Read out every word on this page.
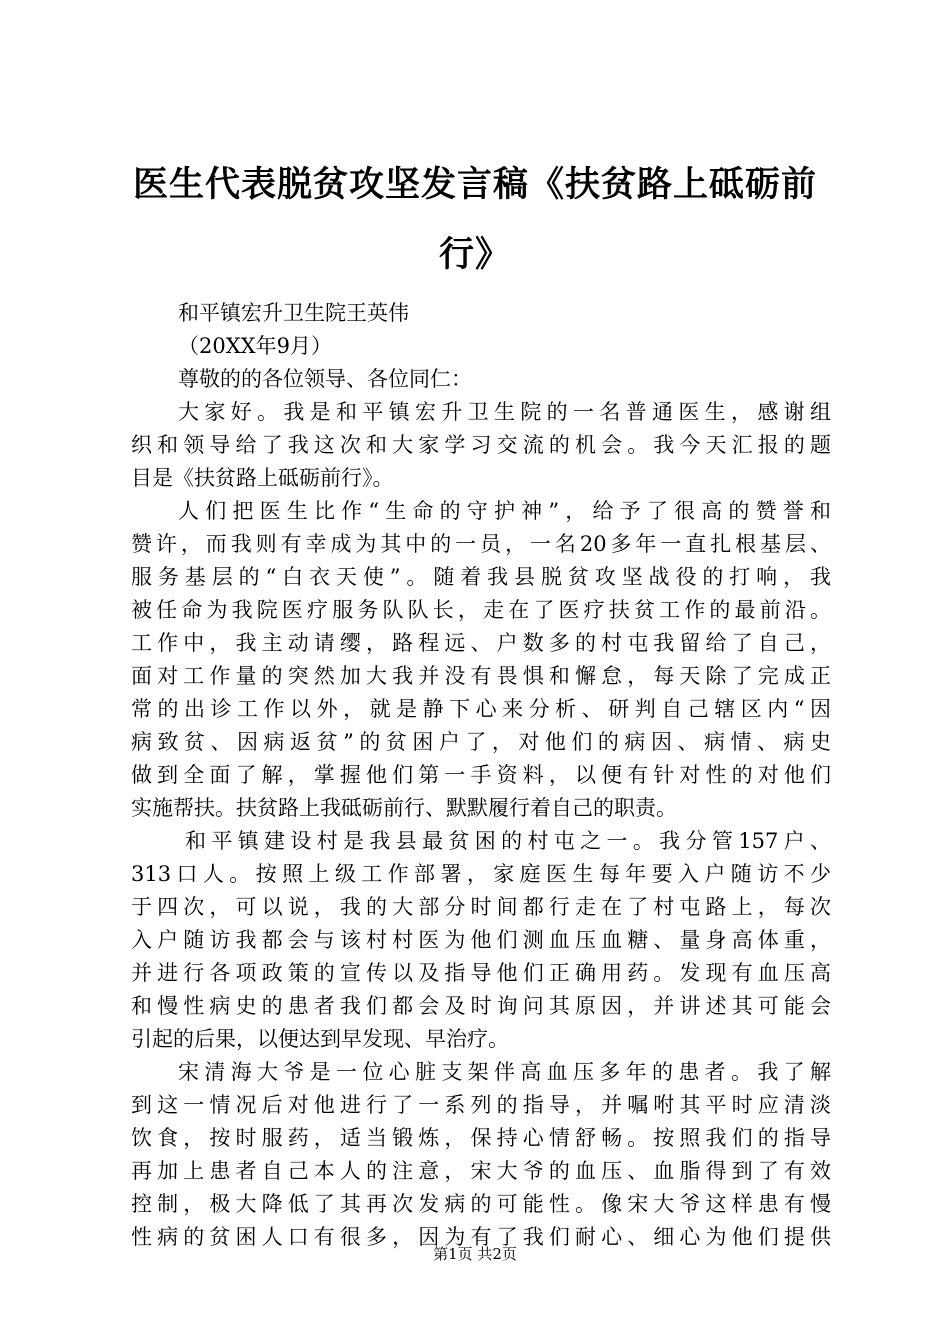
医生代表脱贫攻坚发言稿《扶贫路上砥砺前
行》
和平镇宏升卫生院王英伟
（20XX年9月）
尊敬的的各位领导、各位同仁：
大家好。我是和平镇宏升卫生院的一名普通医生，感谢组
织和领导给了我这次和大家学习交流的机会。我今天汇报的题
目是《扶贫路上砥砺前行》。
人们把医生比作“生命的守护神”，给予了很高的赞誉和
赞许，而我则有幸成为其中的一员，一名20多年一直扎根基层、
服务基层的“白衣天使”。随着我县脱贫攻坚战役的打响，我
被任命为我院医疗服务队队长，走在了医疗扶贫工作的最前沿。
工作中，我主动请缨，路程远、户数多的村屯我留给了自己，
面对工作量的突然加大我并没有畏惧和懈怠，每天除了完成正
常的出诊工作以外，就是静下心来分析、研判自己辖区内“因
病致贫、因病返贫”的贫困户了，对他们的病因、病情、病史
做到全面了解，掌握他们第一手资料，以便有针对性的对他们
实施帮扶。扶贫路上我砥砺前行、默默履行着自己的职责。
和平镇建设村是我县最贫困的村屯之一。我分管157户、
313口人。按照上级工作部署，家庭医生每年要入户随访不少
于四次，可以说，我的大部分时间都行走在了村屯路上，每次
入户随访我都会与该村村医为他们测血压血糖、量身高体重，
并进行各项政策的宣传以及指导他们正确用药。发现有血压高
和慢性病史的患者我们都会及时询问其原因，并讲述其可能会
引起的后果，以便达到早发现、早治疗。
宋清海大爷是一位心脏支架伴高血压多年的患者。我了解
到这一情况后对他进行了一系列的指导，并嘱咐其平时应清淡
饮食，按时服药，适当锻炼，保持心情舒畅。按照我们的指导
再加上患者自己本人的注意，宋大爷的血压、血脂得到了有效
控制，极大降低了其再次发病的可能性。像宋大爷这样患有慢
性病的贫困人口有很多，因为有了我们耐心、细心为他们提供
第1页 共2页
